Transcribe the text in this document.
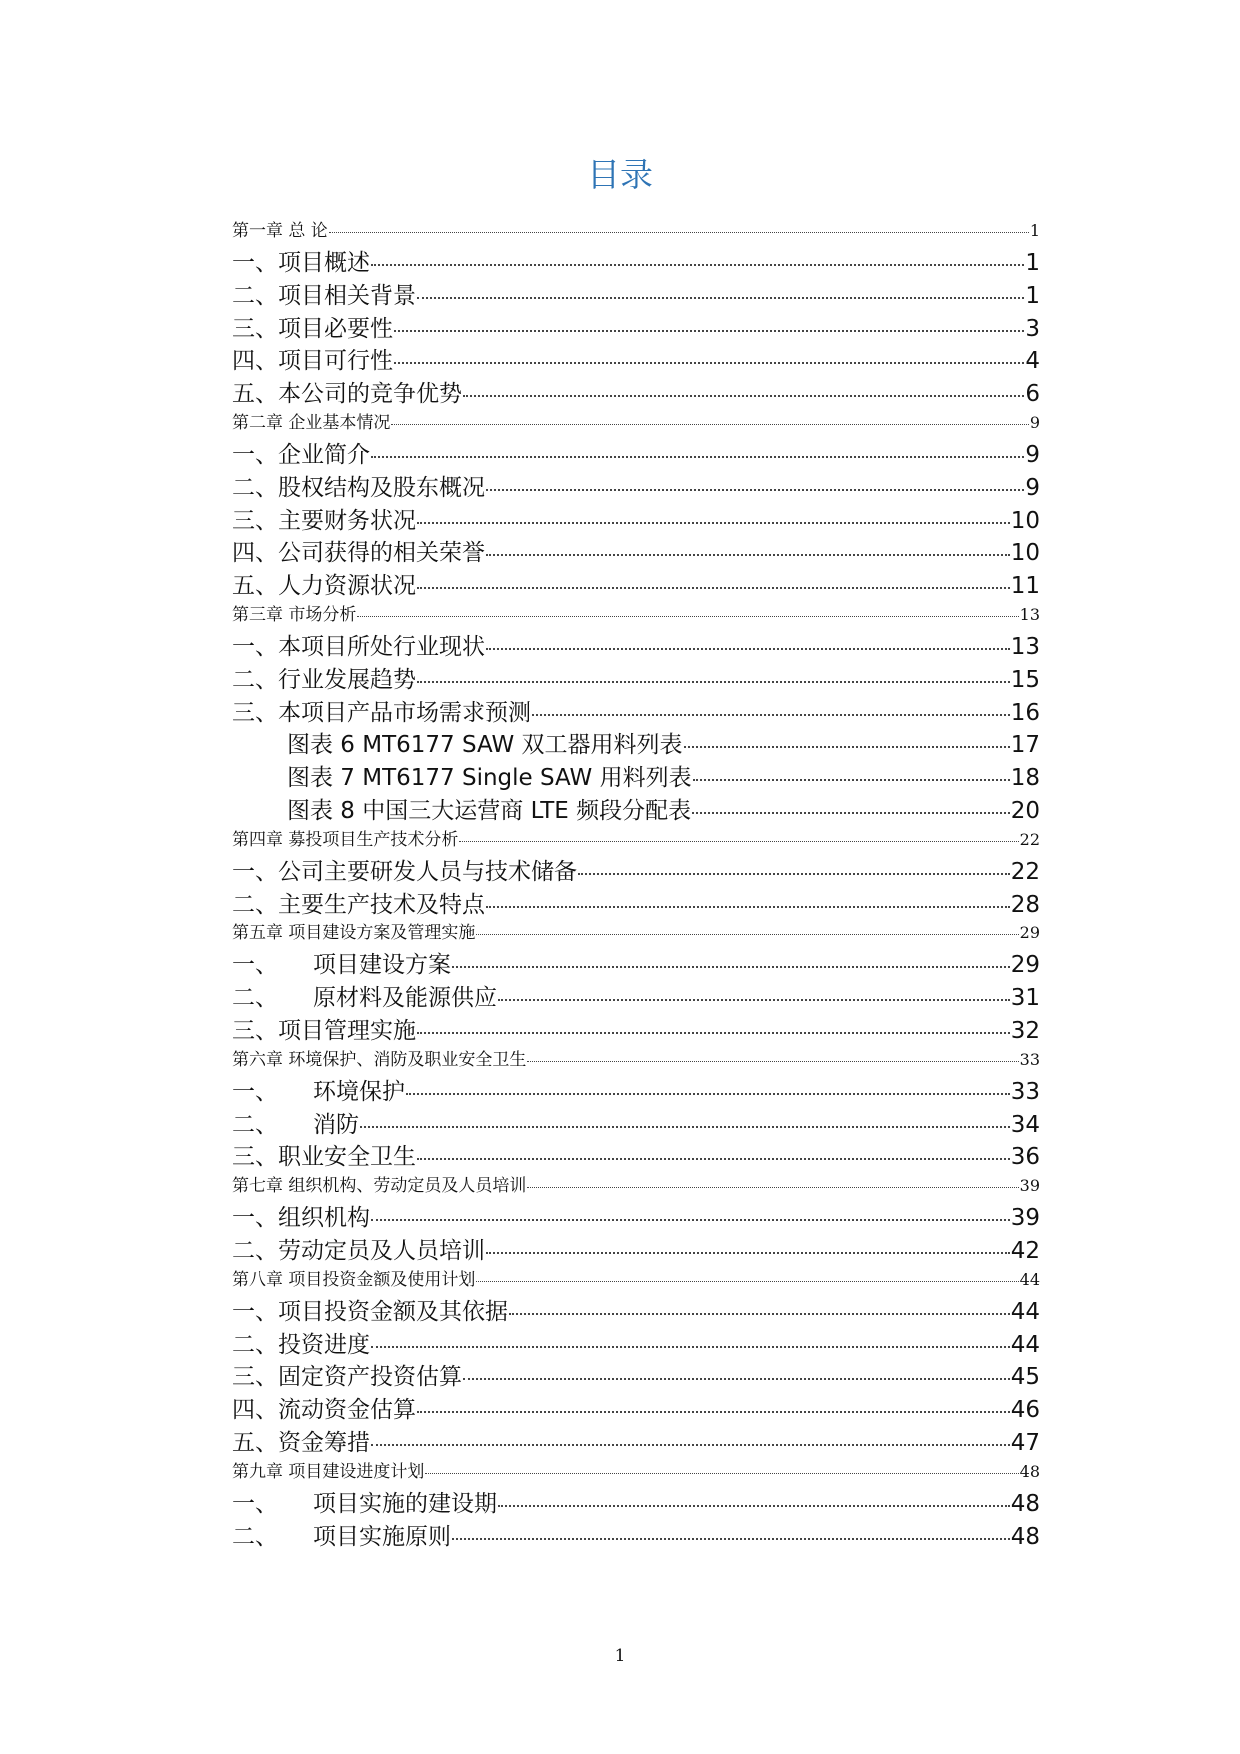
目录
第一章 总 论	1
一、项目概述	1
二、项目相关背景	1
三、项目必要性	3
四、项目可行性	4
五、本公司的竞争优势	6
第二章 企业基本情况	9
一、企业简介	9
二、股权结构及股东概况	9
三、主要财务状况	10
四、公司获得的相关荣誉	10
五、人力资源状况	11
第三章 市场分析	13
一、本项目所处行业现状	13
二、行业发展趋势	15
三、本项目产品市场需求预测	16
图表 6 MT6177 SAW 双工器用料列表	17
图表 7 MT6177 Single SAW 用料列表	18
图表 8 中国三大运营商 LTE 频段分配表	20
第四章 募投项目生产技术分析	22
一、公司主要研发人员与技术储备	22
二、主要生产技术及特点	28
第五章 项目建设方案及管理实施	29
一、 项目建设方案	29
二、 原材料及能源供应	31
三、项目管理实施	32
第六章 环境保护、消防及职业安全卫生	33
一、 环境保护	33
二、 消防	34
三、职业安全卫生	36
第七章 组织机构、劳动定员及人员培训	39
一、组织机构	39
二、劳动定员及人员培训	42
第八章 项目投资金额及使用计划	44
一、项目投资金额及其依据	44
二、投资进度	44
三、固定资产投资估算	45
四、流动资金估算	46
五、资金筹措	47
第九章 项目建设进度计划	48
一、 项目实施的建设期	48
二、 项目实施原则	48
1
